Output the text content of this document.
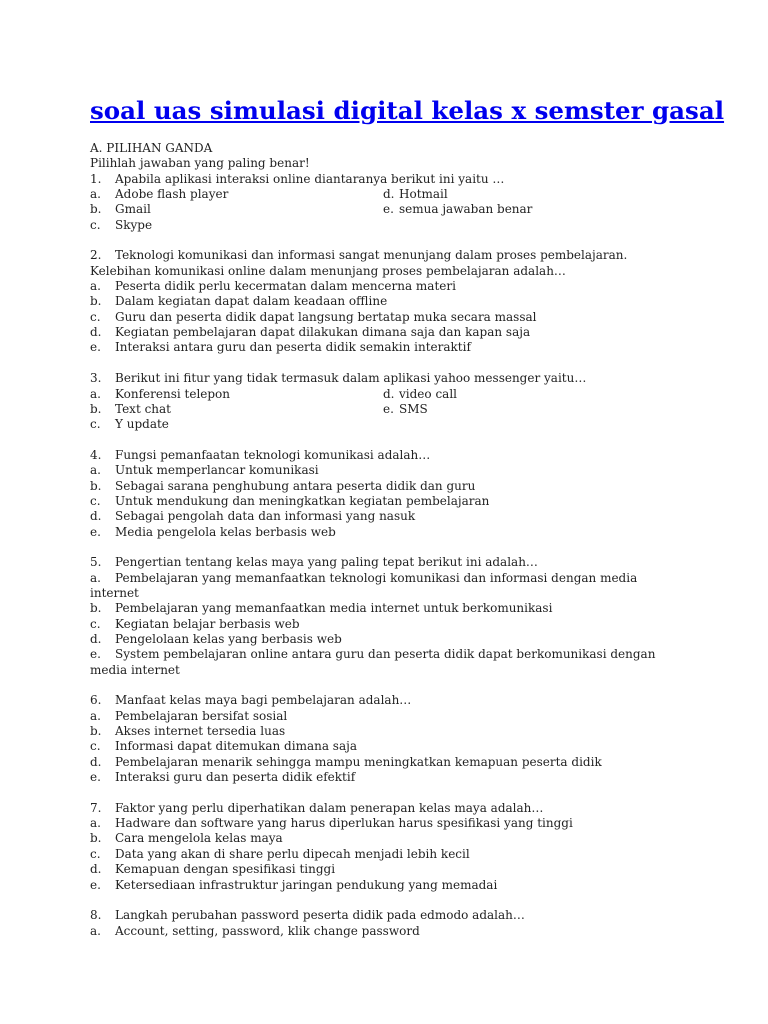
soal uas simulasi digital kelas x semster gasal
A. PILIHAN GANDA
Pilihlah jawaban yang paling benar!
1. Apabila aplikasi interaksi online diantaranya berikut ini yaitu …
a. Adobe flash player	d. Hotmail
b. Gmail	e. semua jawaban benar
c. Skype
2. Teknologi komunikasi dan informasi sangat menunjang dalam proses pembelajaran.
Kelebihan komunikasi online dalam menunjang proses pembelajaran adalah…
a. Peserta didik perlu kecermatan dalam mencerna materi
b. Dalam kegiatan dapat dalam keadaan offline
c. Guru dan peserta didik dapat langsung bertatap muka secara massal
d. Kegiatan pembelajaran dapat dilakukan dimana saja dan kapan saja
e. Interaksi antara guru dan peserta didik semakin interaktif
3. Berikut ini fitur yang tidak termasuk dalam aplikasi yahoo messenger yaitu…
a. Konferensi telepon	d. video call
b. Text chat	e. SMS
c. Y update
4. Fungsi pemanfaatan teknologi komunikasi adalah…
a. Untuk memperlancar komunikasi
b. Sebagai sarana penghubung antara peserta didik dan guru
c. Untuk mendukung dan meningkatkan kegiatan pembelajaran
d. Sebagai pengolah data dan informasi yang nasuk
e. Media pengelola kelas berbasis web
5. Pengertian tentang kelas maya yang paling tepat berikut ini adalah…
a. Pembelajaran yang memanfaatkan teknologi komunikasi dan informasi dengan media
internet
b. Pembelajaran yang memanfaatkan media internet untuk berkomunikasi
c. Kegiatan belajar berbasis web
d. Pengelolaan kelas yang berbasis web
e. System pembelajaran online antara guru dan peserta didik dapat berkomunikasi dengan
media internet
6. Manfaat kelas maya bagi pembelajaran adalah…
a. Pembelajaran bersifat sosial
b. Akses internet tersedia luas
c. Informasi dapat ditemukan dimana saja
d. Pembelajaran menarik sehingga mampu meningkatkan kemapuan peserta didik
e. Interaksi guru dan peserta didik efektif
7. Faktor yang perlu diperhatikan dalam penerapan kelas maya adalah…
a. Hadware dan software yang harus diperlukan harus spesifikasi yang tinggi
b. Cara mengelola kelas maya
c. Data yang akan di share perlu dipecah menjadi lebih kecil
d. Kemapuan dengan spesifikasi tinggi
e. Ketersediaan infrastruktur jaringan pendukung yang memadai
8. Langkah perubahan password peserta didik pada edmodo adalah…
a. Account, setting, password, klik change password
